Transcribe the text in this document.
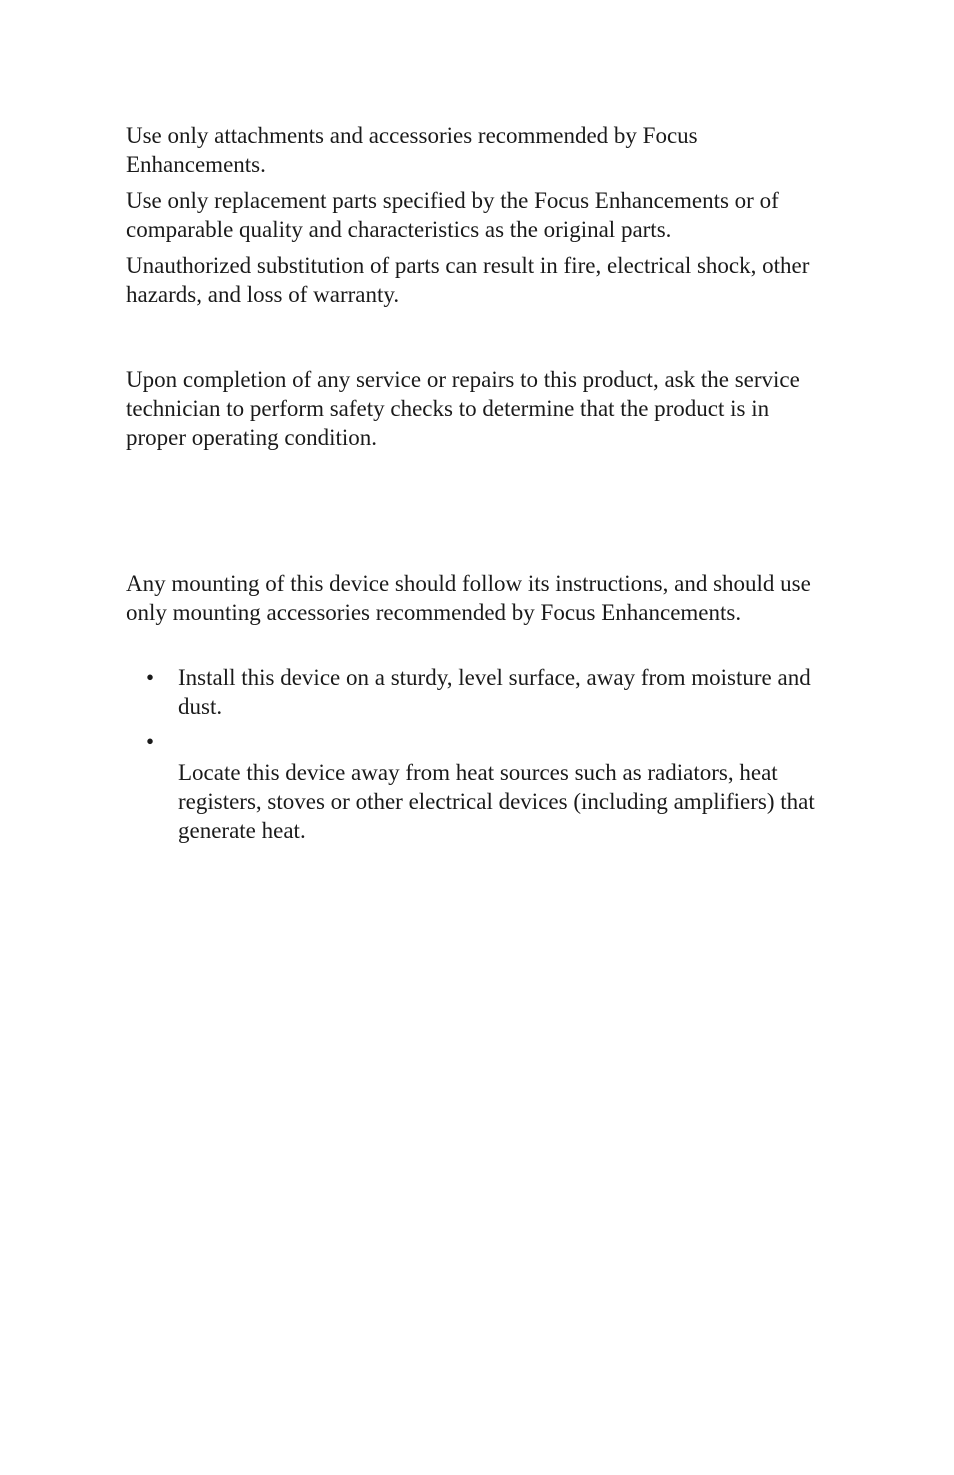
Use only attachments and accessories recommended by Focus Enhancements.

Use only replacement parts specified by the Focus Enhancements or of comparable quality and characteristics as the original parts.

Unauthorized substitution of parts can result in fire, electrical shock, other hazards, and loss of warranty.

Upon completion of any service or repairs to this product, ask the service technician to perform safety checks to determine that the product is in proper operating condition.

Any mounting of this device should follow its instructions, and should use only mounting accessories recommended by Focus Enhancements.

•	Install this device on a sturdy, level surface, away from moisture and dust.

•

Locate this device away from heat sources such as radiators, heat registers, stoves or other electrical devices (including amplifiers) that generate heat.
